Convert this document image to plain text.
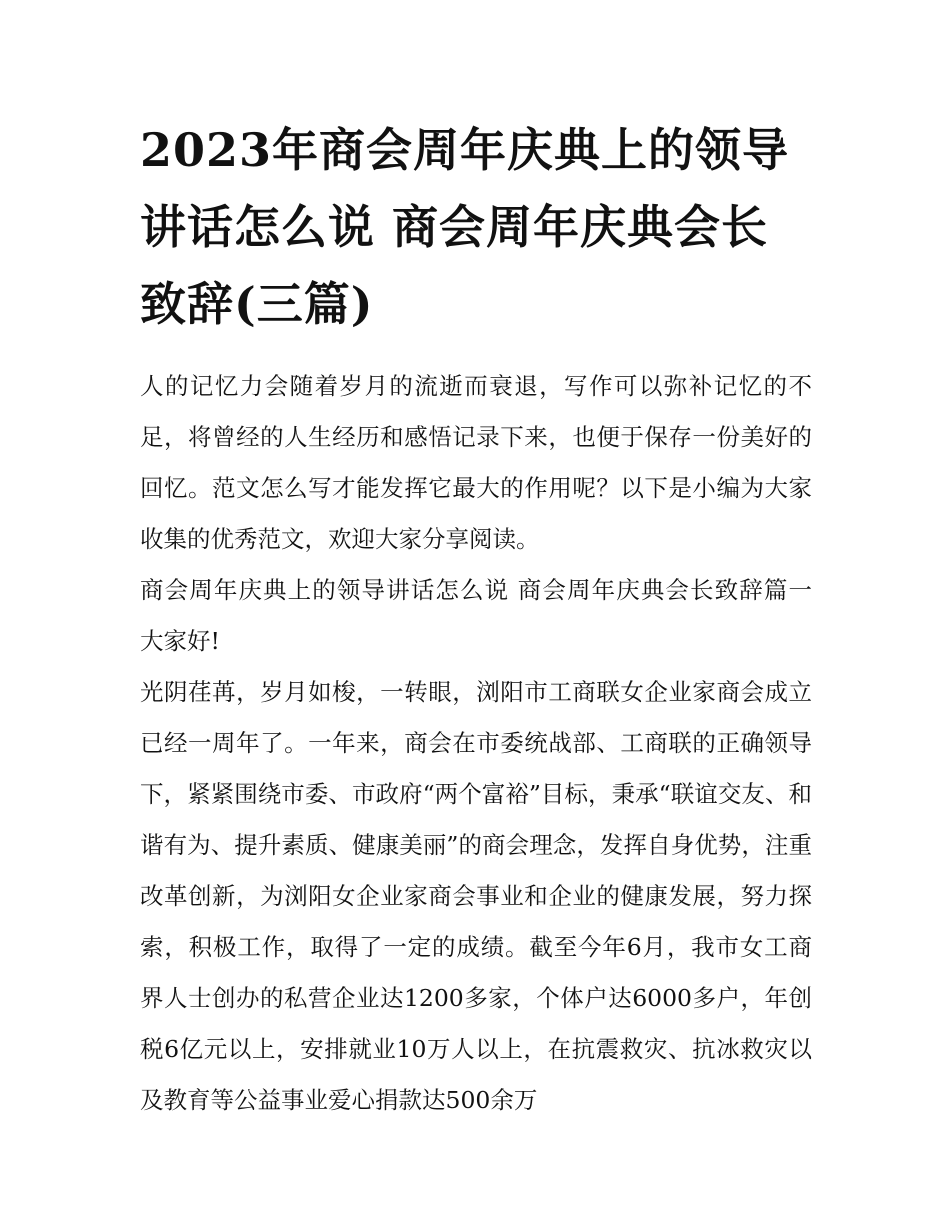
2023年商会周年庆典上的领导讲话怎么说 商会周年庆典会长致辞(三篇)

人的记忆力会随着岁月的流逝而衰退，写作可以弥补记忆的不足，将曾经的人生经历和感悟记录下来，也便于保存一份美好的回忆。范文怎么写才能发挥它最大的作用呢？以下是小编为大家收集的优秀范文，欢迎大家分享阅读。

商会周年庆典上的领导讲话怎么说 商会周年庆典会长致辞篇一 大家好!

光阴荏苒，岁月如梭，一转眼，浏阳市工商联女企业家商会成立已经一周年了。一年来，商会在市委统战部、工商联的正确领导下，紧紧围绕市委、市政府“两个富裕”目标，秉承“联谊交友、和谐有为、提升素质、健康美丽”的商会理念，发挥自身优势，注重改革创新，为浏阳女企业家商会事业和企业的健康发展，努力探索，积极工作，取得了一定的成绩。截至今年6月，我市女工商界人士创办的私营企业达1200多家，个体户达6000多户，年创税6亿元以上，安排就业10万人以上，在抗震救灾、抗冰救灾以及教育等公益事业爱心捐款达500余万
